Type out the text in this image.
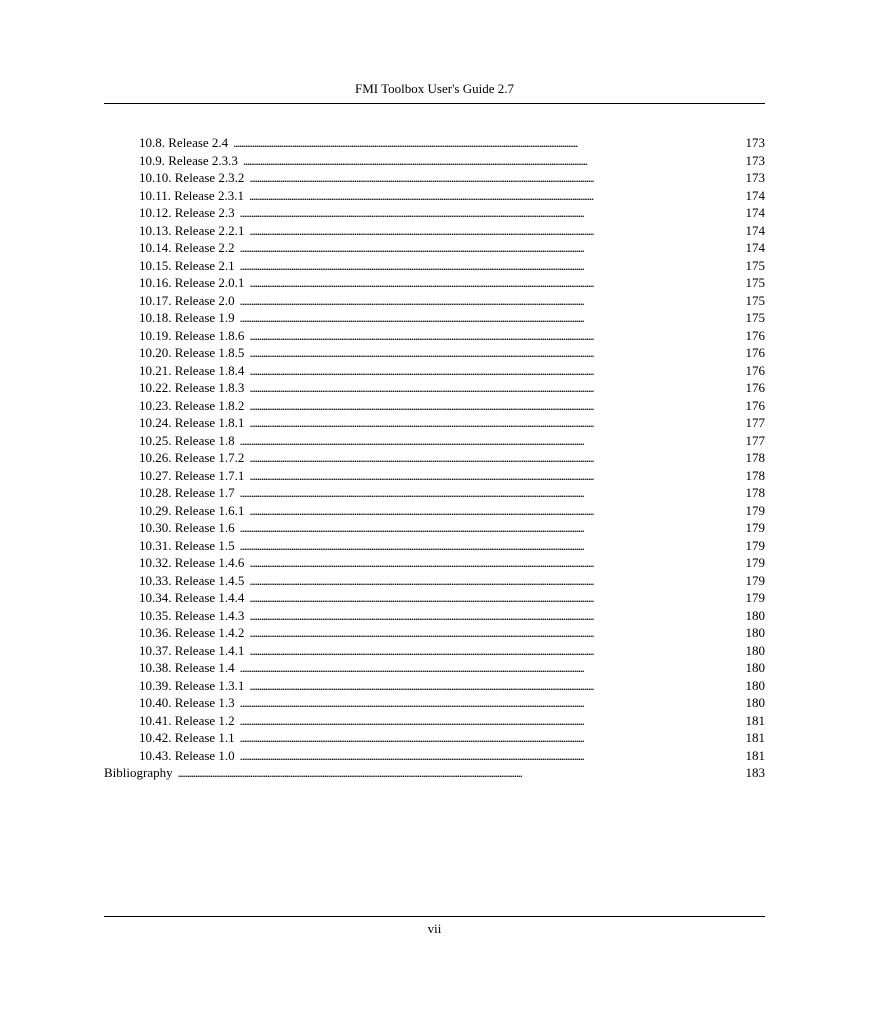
FMI Toolbox User's Guide 2.7
10.8. Release 2.4 . . .	173
10.9. Release 2.3.3 . . .	173
10.10. Release 2.3.2 . . .	173
10.11. Release 2.3.1 . . .	174
10.12. Release 2.3 . . .	174
10.13. Release 2.2.1 . . .	174
10.14. Release 2.2 . . .	174
10.15. Release 2.1 . . .	175
10.16. Release 2.0.1 . . .	175
10.17. Release 2.0 . . .	175
10.18. Release 1.9 . . .	175
10.19. Release 1.8.6 . . .	176
10.20. Release 1.8.5 . . .	176
10.21. Release 1.8.4 . . .	176
10.22. Release 1.8.3 . . .	176
10.23. Release 1.8.2 . . .	176
10.24. Release 1.8.1 . . .	177
10.25. Release 1.8 . . .	177
10.26. Release 1.7.2 . . .	178
10.27. Release 1.7.1 . . .	178
10.28. Release 1.7 . . .	178
10.29. Release 1.6.1 . . .	179
10.30. Release 1.6 . . .	179
10.31. Release 1.5 . . .	179
10.32. Release 1.4.6 . . .	179
10.33. Release 1.4.5 . . .	179
10.34. Release 1.4.4 . . .	179
10.35. Release 1.4.3 . . .	180
10.36. Release 1.4.2 . . .	180
10.37. Release 1.4.1 . . .	180
10.38. Release 1.4 . . .	180
10.39. Release 1.3.1 . . .	180
10.40. Release 1.3 . . .	180
10.41. Release 1.2 . . .	181
10.42. Release 1.1 . . .	181
10.43. Release 1.0 . . .	181
Bibliography . . .	183
vii
